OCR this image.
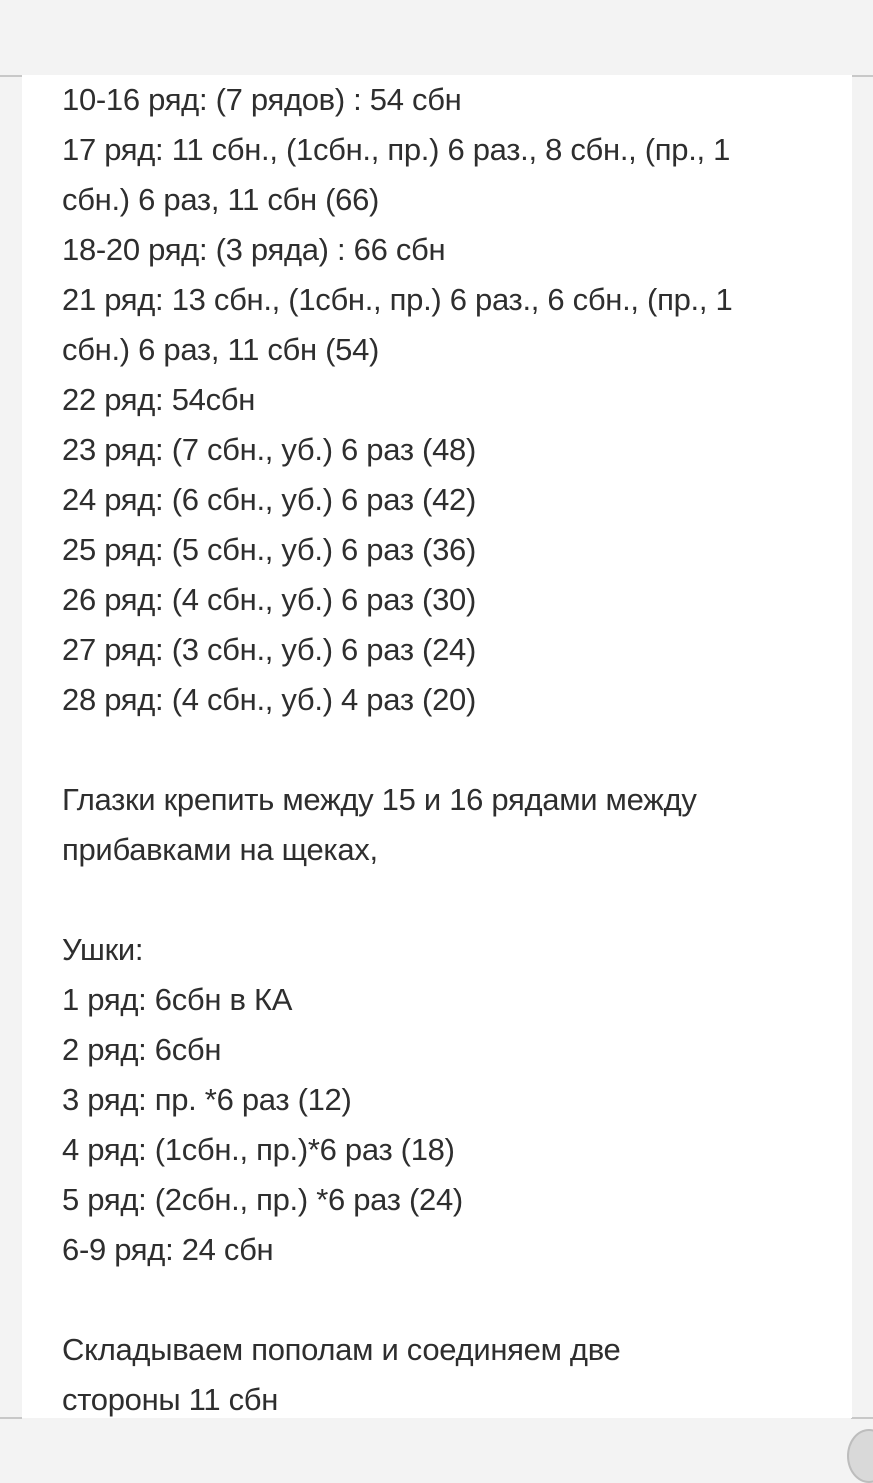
10-16 ряд: (7 рядов) : 54 сбн
17 ряд: 11 сбн., (1сбн., пр.) 6 раз., 8 сбн., (пр., 1
сбн.) 6 раз, 11 сбн (66)
18-20 ряд: (3 ряда) : 66 сбн
21 ряд: 13 сбн., (1сбн., пр.) 6 раз., 6 сбн., (пр., 1
сбн.) 6 раз, 11 сбн (54)
22 ряд: 54сбн
23 ряд: (7 сбн., уб.) 6 раз (48)
24 ряд: (6 сбн., уб.) 6 раз (42)
25 ряд: (5 сбн., уб.) 6 раз (36)
26 ряд: (4 сбн., уб.) 6 раз (30)
27 ряд: (3 сбн., уб.) 6 раз (24)
28 ряд: (4 сбн., уб.) 4 раз (20)
Глазки крепить между 15 и 16 рядами между
прибавками на щеках,
Ушки:
1 ряд: 6сбн в КА
2 ряд: 6сбн
3 ряд: пр. *6 раз (12)
4 ряд: (1сбн., пр.)*6 раз (18)
5 ряд: (2сбн., пр.) *6 раз (24)
6-9 ряд: 24 сбн
Складываем пополам и соединяем две
стороны 11 сбн
